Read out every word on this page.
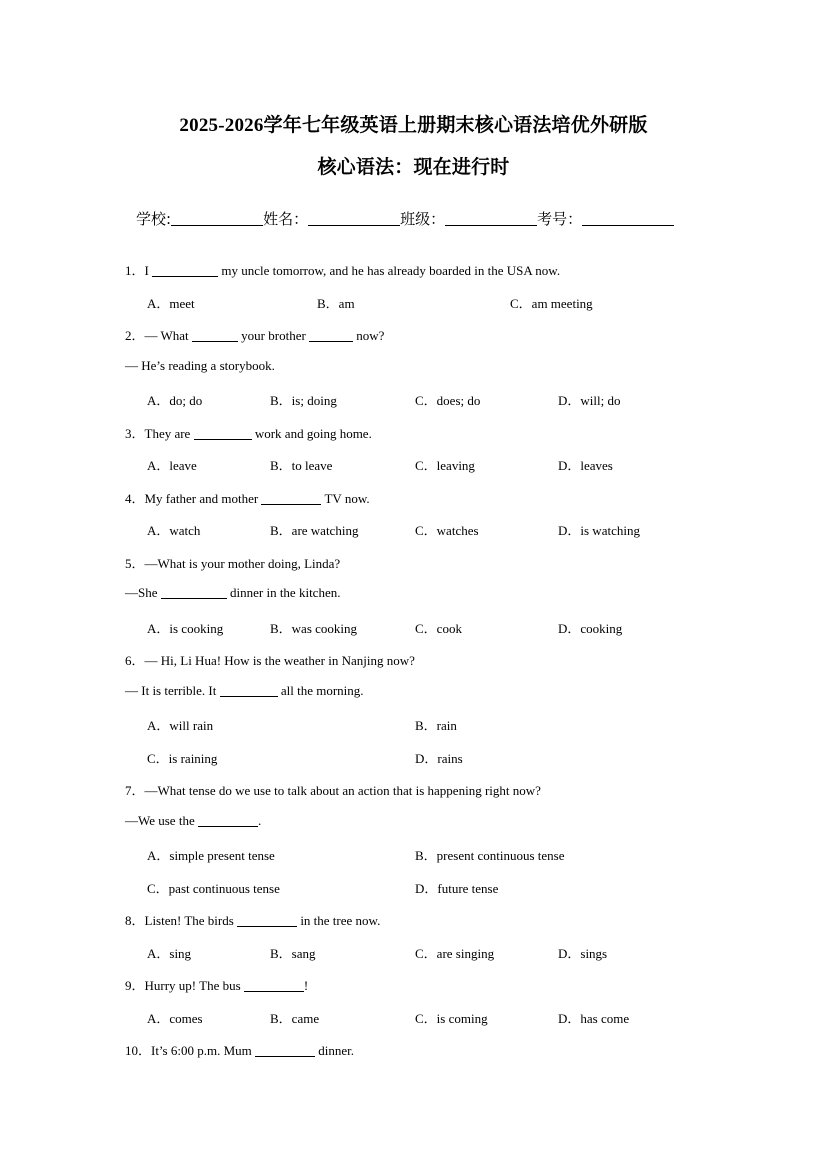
2025-2026学年七年级英语上册期末核心语法培优外研版
核心语法：现在进行时
学校:	姓名：	班级：	考号：
1．I	my uncle tomorrow, and he has already boarded in the USA now.
A．meet	B．am	C．am meeting
2．— What	your brother	now?
— He’s reading a storybook.
A．do; do	B．is; doing	C．does; do	D．will; do
3．They are	work and going home.
A．leave	B．to leave	C．leaving	D．leaves
4．My father and mother	TV now.
A．watch	B．are watching	C．watches	D．is watching
5．—What is your mother doing, Linda?
—She	dinner in the kitchen.
A．is cooking	B．was cooking	C．cook	D．cooking
6．— Hi, Li Hua! How is the weather in Nanjing now?
— It is terrible. It	all the morning.
A．will rain	B．rain
C．is raining	D．rains
7．—What tense do we use to talk about an action that is happening right now?
—We use the	.
A．simple present tense	B．present continuous tense
C．past continuous tense	D．future tense
8．Listen! The birds	in the tree now.
A．sing	B．sang	C．are singing	D．sings
9．Hurry up! The bus	!
A．comes	B．came	C．is coming	D．has come
10．It’s 6:00 p.m. Mum	dinner.
